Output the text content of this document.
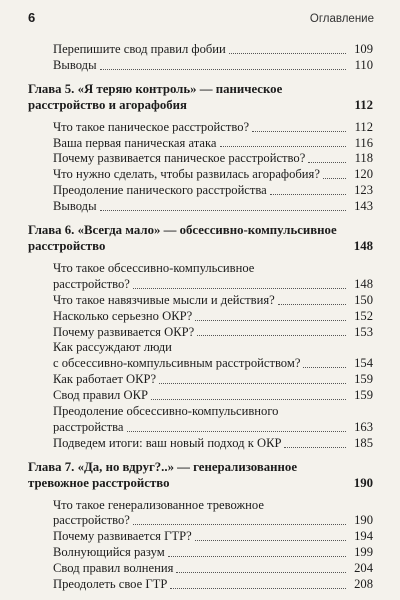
6	Оглавление
Перепишите свод правил фобии	109
Выводы	110
Глава 5. «Я теряю контроль» — паническое
расстройство и агорафобия	112
Что такое паническое расстройство?	112
Ваша первая паническая атака	116
Почему развивается паническое расстройство?	118
Что нужно сделать, чтобы развилась агорафобия?	120
Преодоление панического расстройства	123
Выводы	143
Глава 6. «Всегда мало» — обсессивно-компульсивное
расстройство	148
Что такое обсессивно-компульсивное
расстройство?	148
Что такое навязчивые мысли и действия?	150
Насколько серьезно ОКР?	152
Почему развивается ОКР?	153
Как рассуждают люди
с обсессивно-компульсивным расстройством?	154
Как работает ОКР?	159
Свод правил ОКР	159
Преодоление обсессивно-компульсивного
расстройства	163
Подведем итоги: ваш новый подход к ОКР	185
Глава 7. «Да, но вдруг?..» — генерализованное
тревожное расстройство	190
Что такое генерализованное тревожное
расстройство?	190
Почему развивается ГТР?	194
Волнующийся разум	199
Свод правил волнения	204
Преодолеть свое ГТР	208
